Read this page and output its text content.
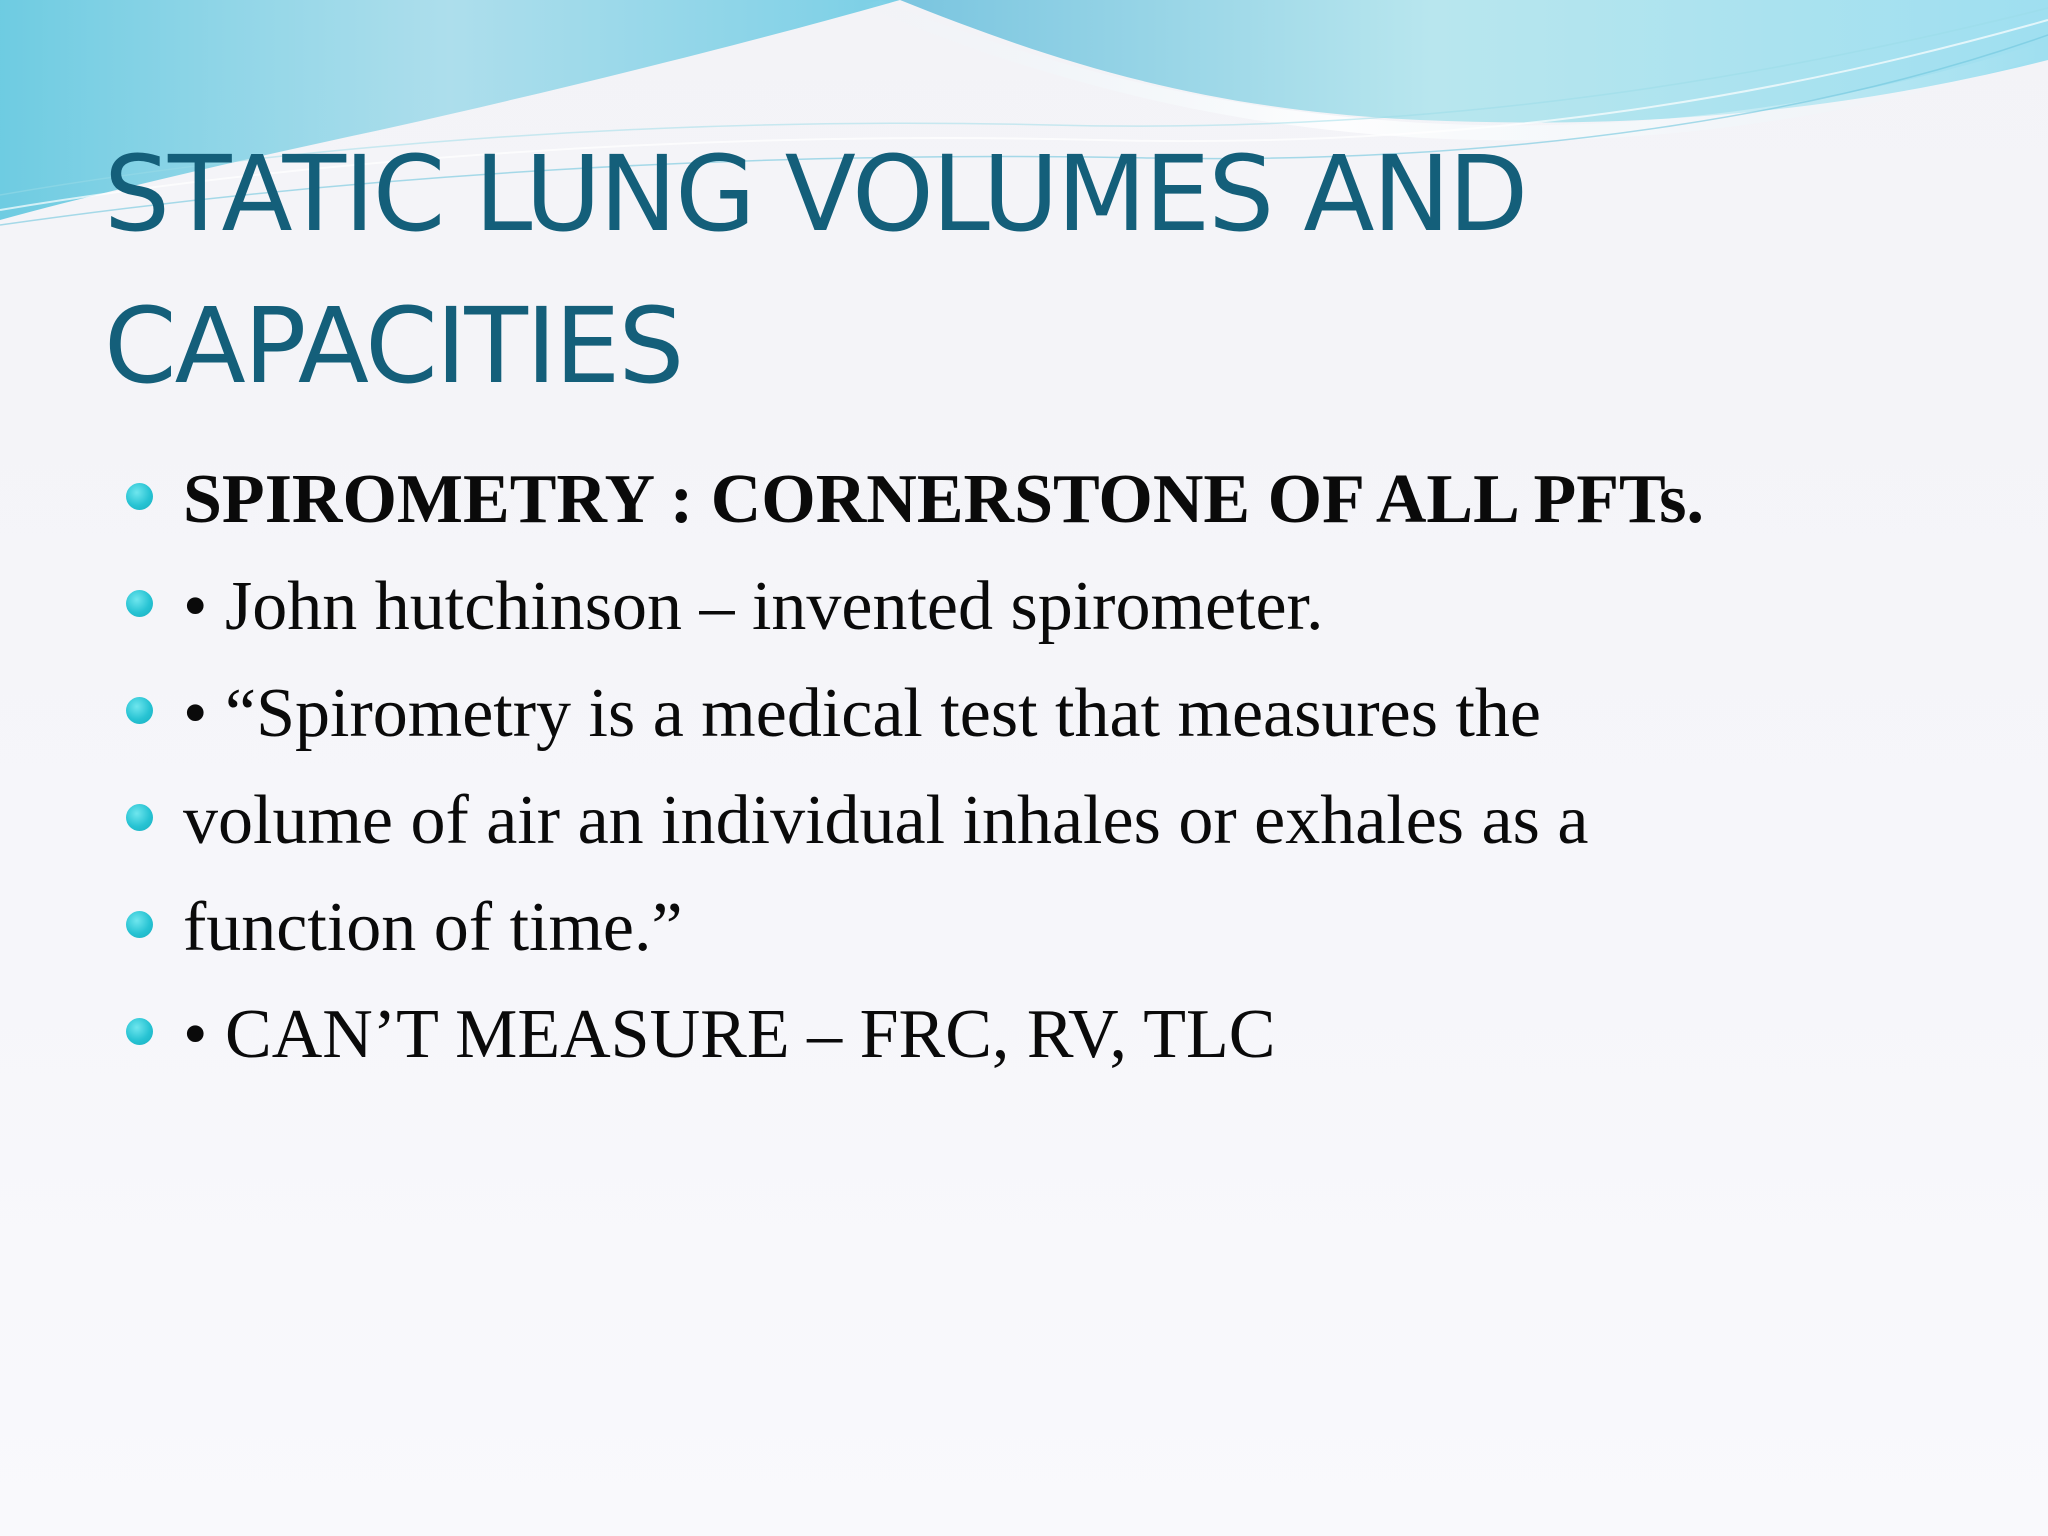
STATIC LUNG VOLUMES AND
CAPACITIES
SPIROMETRY : CORNERSTONE OF ALL PFTs.
• John hutchinson – invented spirometer.
• “Spirometry is a medical test that measures the
volume of air an individual inhales or exhales as a
function of time.”
• CAN’T MEASURE – FRC, RV, TLC
